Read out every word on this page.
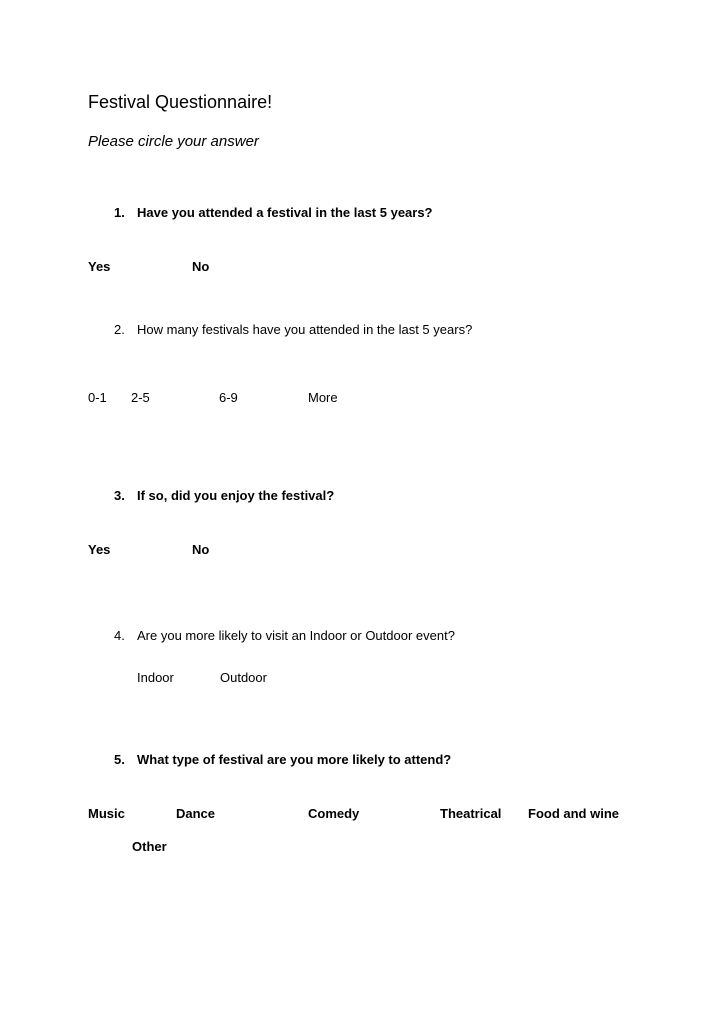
Festival Questionnaire!
Please circle your answer
1. Have you attended a festival in the last 5 years?
Yes	No
2. How many festivals have you attended in the last 5 years?
0-1 2-5	6-9	More
3. If so, did you enjoy the festival?
Yes	No
4. Are you more likely to visit an Indoor or Outdoor event?
Indoor	Outdoor
5. What type of festival are you more likely to attend?
Music	Dance	Comedy	Theatrical Food and wine
Other
